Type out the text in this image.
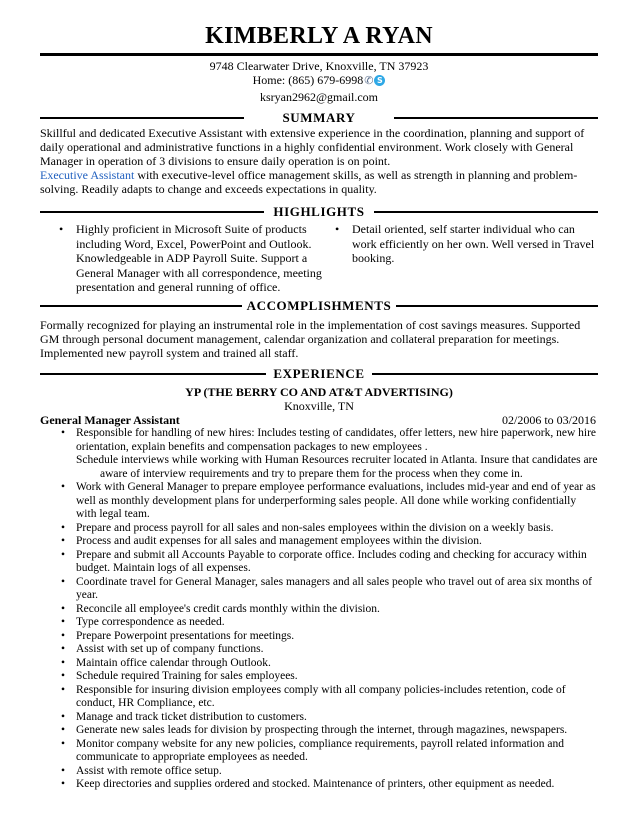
KIMBERLY A RYAN
9748 Clearwater Drive, Knoxville, TN 37923
Home: (865) 679-6998✆ S
ksryan2962@gmail.com
SUMMARY
Skillful and dedicated Executive Assistant with extensive experience in the coordination, planning and support of daily operational and administrative functions in a highly confidential environment. Work closely with General Manager in operation of 3 divisions to ensure daily operation is on point.
Executive Assistant with executive-level office management skills, as well as strength in planning and problem-solving. Readily adapts to change and exceeds expectations in quality.
HIGHLIGHTS
• Highly proficient in Microsoft Suite of products including Word, Excel, PowerPoint and Outlook. Knowledgeable in ADP Payroll Suite. Support a General Manager with all correspondence, meeting presentation and general running of office.
• Detail oriented, self starter individual who can work efficiently on her own. Well versed in Travel booking.
ACCOMPLISHMENTS
Formally recognized for playing an instrumental role in the implementation of cost savings measures. Supported GM through personal document management, calendar organization and collateral preparation for meetings. Implemented new payroll system and trained all staff.
EXPERIENCE
YP (THE BERRY CO AND AT&T ADVERTISING)
Knoxville, TN
General Manager Assistant	02/2006 to 03/2016
• Responsible for handling of new hires: Includes testing of candidates, offer letters, new hire paperwork, new hire orientation, explain benefits and compensation packages to new employees .
Schedule interviews while working with Human Resources recruiter located in Atlanta. Insure that candidates are
aware of interview requirements and try to prepare them for the process when they come in.
• Work with General Manager to prepare employee performance evaluations, includes mid-year and end of year as well as monthly development plans for underperforming sales people. All done while working confidentially with legal team.
• Prepare and process payroll for all sales and non-sales employees within the division on a weekly basis.
• Process and audit expenses for all sales and management employees within the division.
• Prepare and submit all Accounts Payable to corporate office. Includes coding and checking for accuracy within budget. Maintain logs of all expenses.
• Coordinate travel for General Manager, sales managers and all sales people who travel out of area six months of year.
• Reconcile all employee's credit cards monthly within the division.
• Type correspondence as needed.
• Prepare Powerpoint presentations for meetings.
• Assist with set up of company functions.
• Maintain office calendar through Outlook.
• Schedule required Training for sales employees.
• Responsible for insuring division employees comply with all company policies-includes retention, code of conduct, HR Compliance, etc.
• Manage and track ticket distribution to customers.
• Generate new sales leads for division by prospecting through the internet, through magazines, newspapers.
• Monitor company website for any new policies, compliance requirements, payroll related information and communicate to appropriate employees as needed.
• Assist with remote office setup.
• Keep directories and supplies ordered and stocked. Maintenance of printers, other equipment as needed.
